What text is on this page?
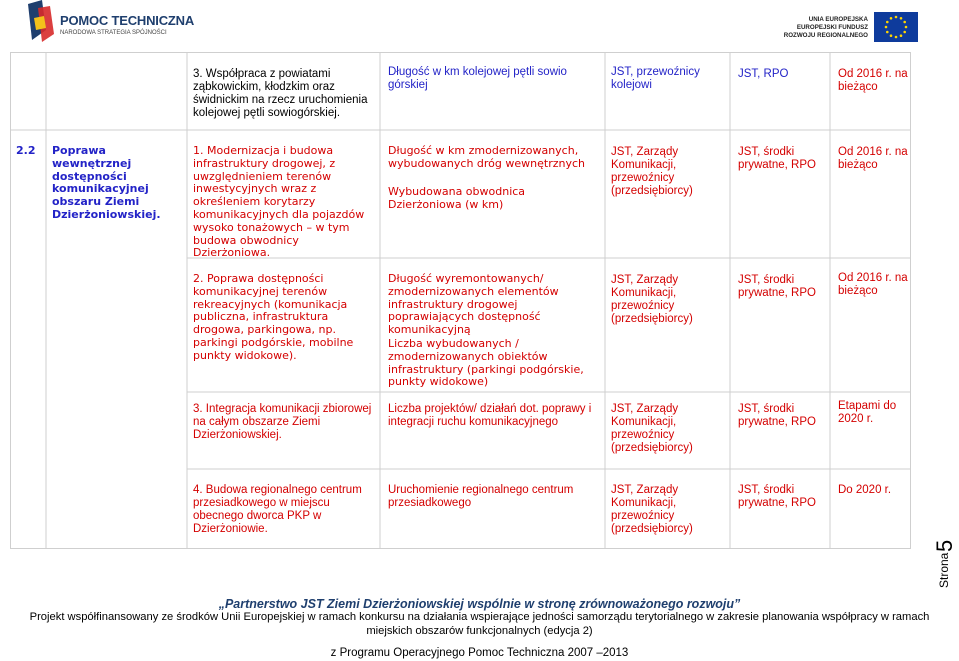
POMOC TECHNICZNA
NARODOWA STRATEGIA SPÓJNOŚCI
UNIA EUROPEJSKA
EUROPEJSKI FUNDUSZ
ROZWOJU REGIONALNEGO
3. Współpraca z powiatami ząbkowickim, kłodzkim oraz świdnickim na rzecz uruchomienia kolejowej pętli sowiogórskiej.
Długość w km kolejowej pętli sowio górskiej
JST, przewoźnicy kolejowi
JST, RPO	Od 2016 r. na bieżąco
2.2	Poprawa wewnętrznej dostępności komunikacyjnej obszaru Ziemi Dzierżoniowskiej.
1. Modernizacja i budowa infrastruktury drogowej, z uwzględnieniem terenów inwestycyjnych wraz z określeniem korytarzy komunikacyjnych dla pojazdów wysoko tonażowych – w tym budowa obwodnicy Dzierżoniowa.
Długość w km zmodernizowanych, wybudowanych dróg wewnętrznych
Wybudowana obwodnica Dzierżoniowa (w km)
JST, Zarządy Komunikacji, przewoźnicy (przedsiębiorcy)
JST, środki prywatne, RPO
Od 2016 r. na bieżąco
2. Poprawa dostępności komunikacyjnej terenów rekreacyjnych (komunikacja publiczna, infrastruktura drogowa, parkingowa, np. parkingi podgórskie, mobilne punkty widokowe).
Długość wyremontowanych/ zmodernizowanych elementów infrastruktury drogowej poprawiających dostępność komunikacyjną
Liczba wybudowanych / zmodernizowanych obiektów infrastruktury (parkingi podgórskie, punkty widokowe)
JST, Zarządy Komunikacji, przewoźnicy (przedsiębiorcy)
JST, środki prywatne, RPO
Od 2016 r. na bieżąco
3. Integracja komunikacji zbiorowej na całym obszarze Ziemi Dzierżoniowskiej.
Liczba projektów/ działań dot. poprawy i integracji ruchu komunikacyjnego
JST, Zarządy Komunikacji, przewoźnicy (przedsiębiorcy)
JST, środki prywatne, RPO
Etapami do 2020 r.
4. Budowa regionalnego centrum przesiadkowego w miejscu obecnego dworca PKP w Dzierżoniowie.
Uruchomienie regionalnego centrum przesiadkowego
JST, Zarządy Komunikacji, przewoźnicy (przedsiębiorcy)
JST, środki prywatne, RPO
Do 2020 r.
Strona
5
„Partnerstwo JST Ziemi Dzierżoniowskiej wspólnie w stronę zrównoważonego rozwoju”
Projekt współfinansowany ze środków Unii Europejskiej w ramach konkursu na działania wspierające jedności samorządu terytorialnego w zakresie planowania współpracy w ramach
miejskich obszarów funkcjonalnych (edycja 2)
z Programu Operacyjnego Pomoc Techniczna 2007 –2013
